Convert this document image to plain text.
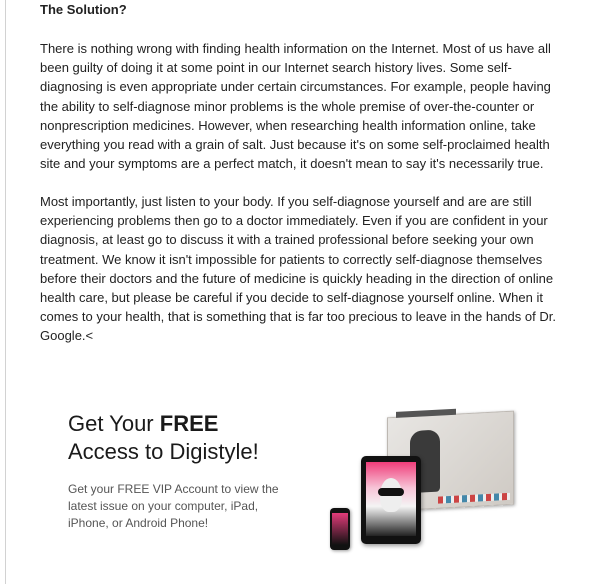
The Solution?
There is nothing wrong with finding health information on the Internet. Most of us have all
been guilty of doing it at some point in our Internet search history lives. Some self-
diagnosing is even appropriate under certain circumstances. For example, people having
the ability to self-diagnose minor problems is the whole premise of over-the-counter or
nonprescription medicines. However, when researching health information online, take
everything you read with a grain of salt. Just because it's on some self-proclaimed health
site and your symptoms are a perfect match, it doesn't mean to say it's necessarily true.
Most importantly, just listen to your body. If you self-diagnose yourself and are are still
experiencing problems then go to a doctor immediately. Even if you are confident in your
diagnosis, at least go to discuss it with a trained professional before seeking your own
treatment. We know it isn't impossible for patients to correctly self-diagnose themselves
before their doctors and the future of medicine is quickly heading in the direction of online
health care, but please be careful if you decide to self-diagnose yourself online. When it
comes to your health, that is something that is far too precious to leave in the hands of Dr.
Google.<
Get Your FREE
Access to Digistyle!
Get your FREE VIP Account to view the
latest issue on your computer, iPad,
iPhone, or Android Phone!
